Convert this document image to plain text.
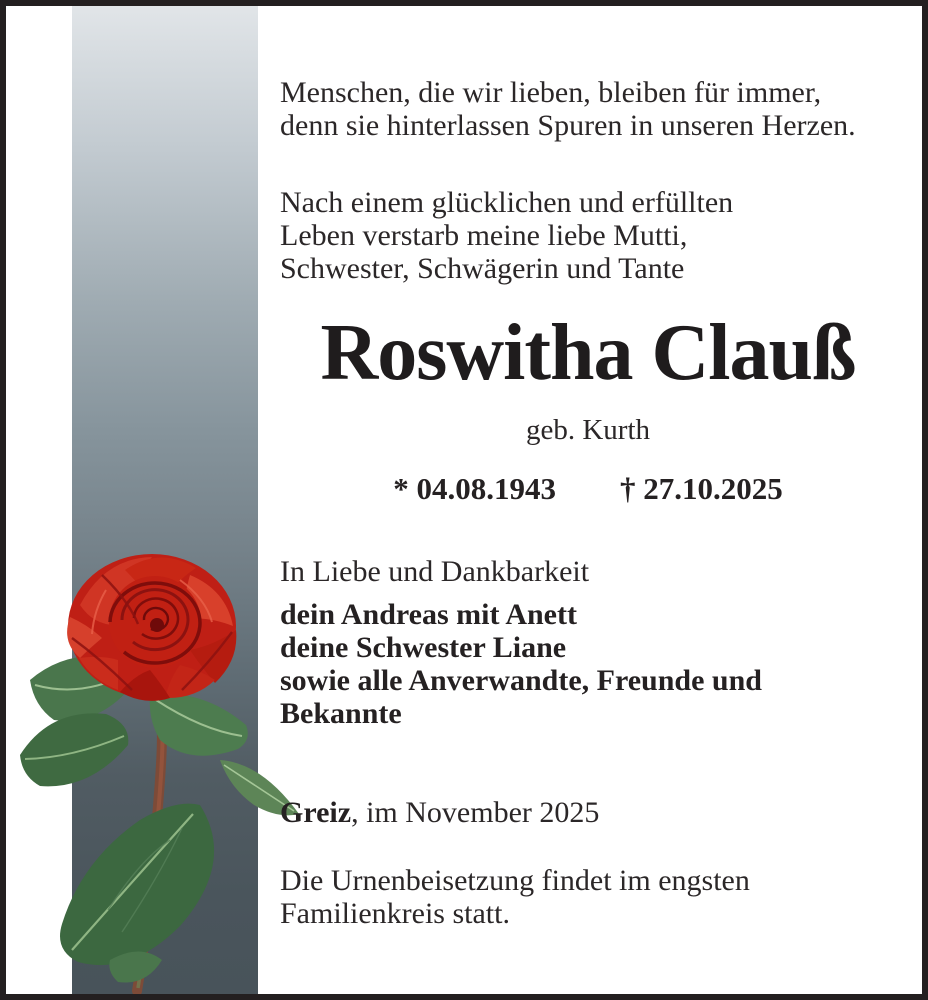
Menschen, die wir lieben, bleiben für immer,
denn sie hinterlassen Spuren in unseren Herzen.
Nach einem glücklichen und erfüllten
Leben verstarb meine liebe Mutti,
Schwester, Schwägerin und Tante
Roswitha Clauß
geb. Kurth
* 04.08.1943 † 27.10.2025
In Liebe und Dankbarkeit
dein Andreas mit Anett
deine Schwester Liane
sowie alle Anverwandte, Freunde und
Bekannte
Greiz, im November 2025
Die Urnenbeisetzung findet im engsten
Familienkreis statt.
